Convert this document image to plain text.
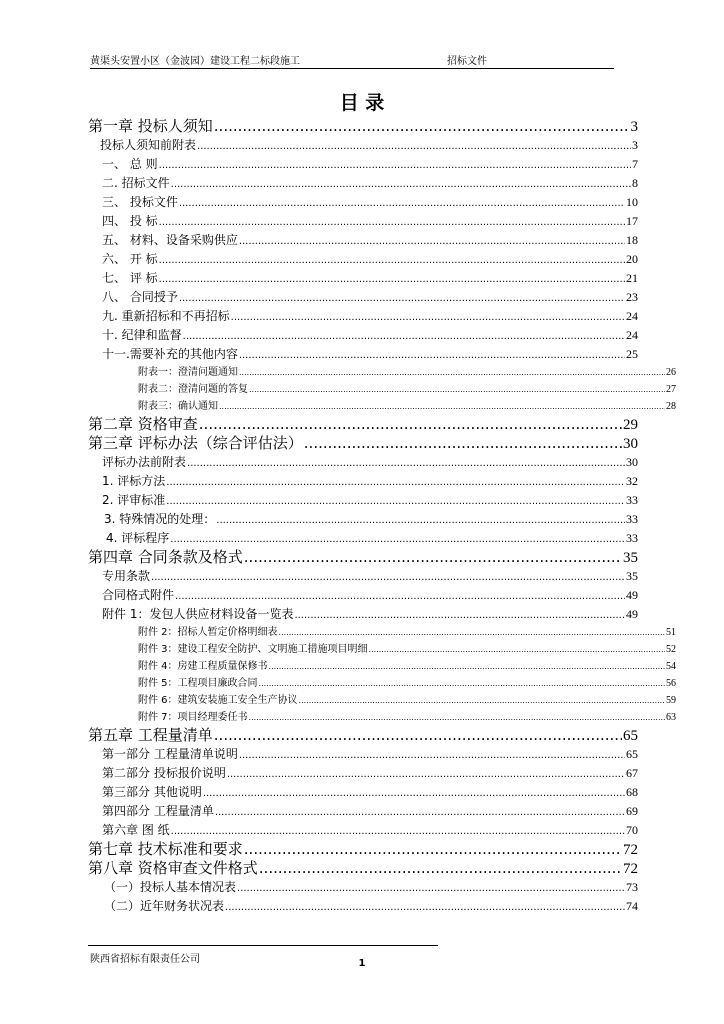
黄渠头安置小区（金波园）建设工程二标段施工	招标文件
目 录
第一章 投标人须知 .....	3
投标人须知前附表 .....	3
一、 总 则 .....	7
二. 招标文件 .....	8
三、 投标文件 .....	10
四、 投 标 .....	17
五、 材料、设备采购供应 .....	18
六、 开 标 .....	20
七、 评 标 .....	21
八、 合同授予 .....	23
九. 重新招标和不再招标 .....	24
十. 纪律和监督 .....	24
十一.需要补充的其他内容 .....	25
附表一：澄清问题通知 .....	26
附表二：澄清问题的答复 .....	27
附表三：确认通知 .....	28
第二章 资格审查 .....	29
第三章 评标办法（综合评估法） .....	30
评标办法前附表 .....	30
1. 评标方法 .....	32
2. 评审标准 .....	33
3. 特殊情况的处理： .....	33
4. 评标程序 .....	33
第四章 合同条款及格式 .....	35
专用条款 .....	35
合同格式附件 .....	49
附件 1：发包人供应材料设备一览表 .....	49
附件 2：招标人暂定价格明细表 .....	51
附件 3：建设工程安全防护、文明施工措施项目明细 .....	52
附件 4：房建工程质量保修书 .....	54
附件 5：工程项目廉政合同 .....	56
附件 6：建筑安装施工安全生产协议 .....	59
附件 7：项目经理委任书 .....	63
第五章 工程量清单 .....	65
第一部分 工程量清单说明 .....	65
第二部分 投标报价说明 .....	67
第三部分 其他说明 .....	68
第四部分 工程量清单 .....	69
第六章 图 纸 .....	70
第七章 技术标准和要求 .....	72
第八章 资格审查文件格式 .....	72
（一）投标人基本情况表 .....	73
（二）近年财务状况表 .....	74
陕西省招标有限责任公司	1
